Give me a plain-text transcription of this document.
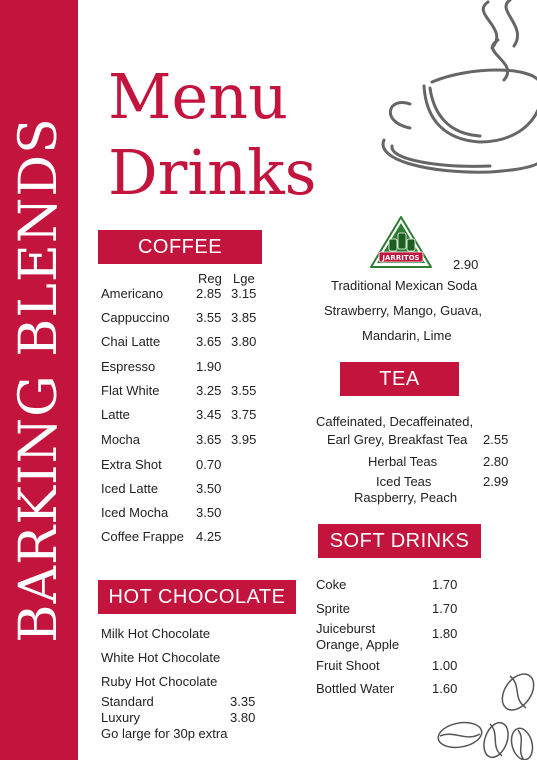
BARKING BLENDS
Menu
Drinks
COFFEE
Reg Lge
Americano	2.85 3.15
Cappuccino 3.55 3.85
Chai Latte	3.65 3.80
Espresso	1.90
Flat White	3.25 3.55
Latte	3.45 3.75
Mocha	3.65 3.95
Extra Shot	0.70
Iced Latte	3.50
Iced Mocha 3.50
Coffee Frappe 4.25
HOT CHOCOLATE
Milk Hot Chocolate
White Hot Chocolate
Ruby Hot Chocolate
Standard	3.35
Luxury	3.80
Go large for 30p extra
JARRITOS	2.90
Traditional Mexican Soda
Strawberry, Mango, Guava,
Mandarin, Lime
TEA
Caffeinated, Decaffeinated,
Earl Grey, Breakfast Tea 2.55
Herbal Teas	2.80
Iced Teas	2.99
Raspberry, Peach
SOFT DRINKS
Coke	1.70
Sprite	1.70
Juiceburst	1.80
Orange, Apple
Fruit Shoot	1.00
Bottled Water	1.60
